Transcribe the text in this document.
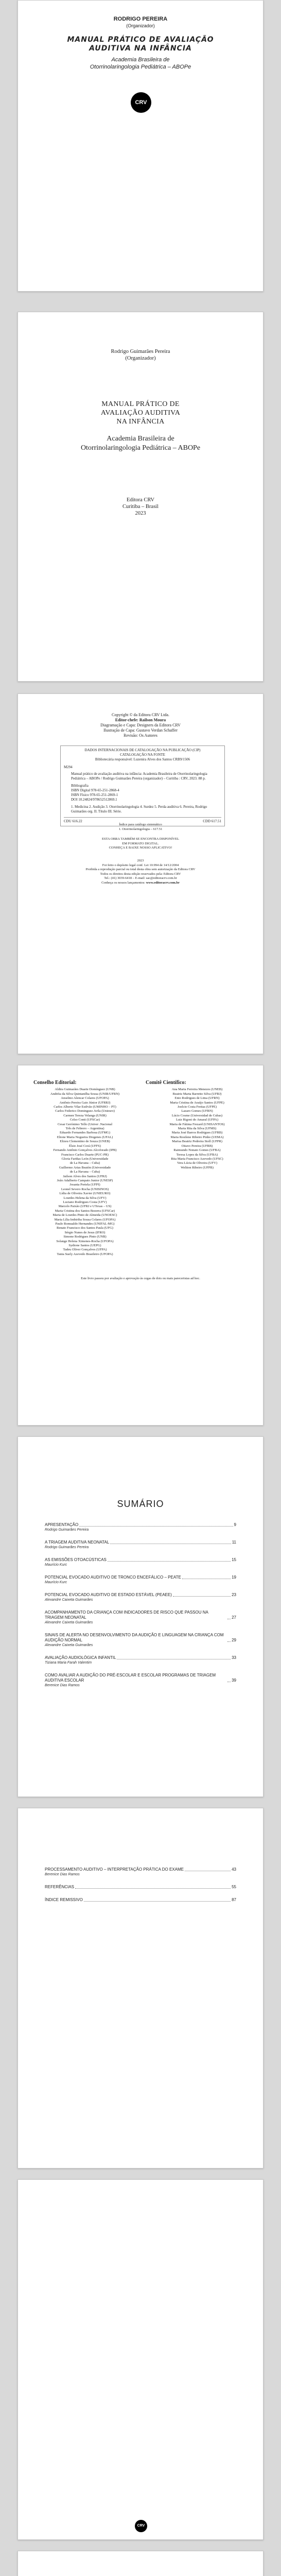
RODRIGO PEREIRA
(Organizador)
MANUAL PRÁTICO DE AVALIAÇÃO
AUDITIVA NA INFÂNCIA
Academia Brasileira de
Otorrinolaringologia Pediátrica – ABOPe
CRV
Rodrigo Guimarães Pereira
(Organizador)
MANUAL PRÁTICO DE
AVALIAÇÃO AUDITIVA
NA INFÂNCIA
Academia Brasileira de
Otorrinolaringologia Pediátrica – ABOPe
Editora CRV
Curitiba – Brasil
2023
Copyright © da Editora CRV Ltda.
Editor-chefe: Railson Moura
Diagramação e Capa: Designers da Editora CRV
Ilustração de Capa: Gustavo Verdan Schaffer
Revisão: Os Autores
DADOS INTERNACIONAIS DE CATALOGAÇÃO NA PUBLICAÇÃO (CIP)
CATALOGAÇÃO NA FONTE
Bibliotecária responsável: Luzenira Alves dos Santos CRB9/1506
M294
Manual prático de avaliação auditiva na infância: Academia Brasileira de Otorrinolaringologia Pediátrica – ABOPe / Rodrigo Guimarães Pereira (organizador) – Curitiba : CRV, 2023. 88 p.
Bibliografia
ISBN Digital 978-65-251-2868-4
ISBN Físico 978-65-251-2869-1
DOI 10.24824/978652512869.1
1. Medicina 2. Audição 3. Otorrinolaringologia 4. Surdez 5. Perda auditiva 6. Pereira, Rodrigo Guimarães org. II. Título III. Série.
CDU 616.22	CDD 617.51
Índice para catálogo sistemático
1. Otorrinolaringologia – 617.51
ESTA OBRA TAMBÉM SE ENCONTRA DISPONÍVEL
EM FORMATO DIGITAL.
CONHEÇA E BAIXE NOSSO APLICATIVO!
2023
Foi feito o depósito legal conf. Lei 10.994 de 14/12/2004
Proibida a reprodução parcial ou total desta obra sem autorização da Editora CRV
Todos os direitos desta edição reservados pela: Editora CRV
Tel.: (41) 3039-6418 – E-mail: sac@editoracrv.com.br
Conheça os nossos lançamentos: www.editoracrv.com.br
Conselho Editorial:
Aldira Guimarães Duarte Domínguez (UNB)
Andréia da Silva Quintanilha Sousa (UNIR/UFRN)
Anselmo Alencar Colares (UFOPA)
Antônio Pereira Gaio Júnior (UFRRJ)
Carlos Alberto Vilar Estêvão (UMINHO – PT)
Carlos Federico Dominguez Avila (Unieuro)
Carmen Tereza Velanga (UNIR)
Celso Conti (UFSCar)
Cesar Gerónimo Tello (Univer .Nacional
Três de Febrero – Argentina)
Eduardo Fernandes Barbosa (UFMG)
Elione Maria Nogueira Diogenes (UFAL)
Elizeu Clementino de Souza (UNEB)
Élsio José Corá (UFFS)
Fernando Antônio Gonçalves Alcoforado (IPB)
Francisco Carlos Duarte (PUC-PR)
Gloria Fariñas León (Universidade
de La Havana – Cuba)
Guillermo Arias Beatón (Universidade
de La Havana – Cuba)
Jailson Alves dos Santos (UFRJ)
João Adalberto Campato Junior (UNESP)
Josania Portela (UFPI)
Leonel Severo Rocha (UNISINOS)
Lídia de Oliveira Xavier (UNIEURO)
Lourdes Helena da Silva (UFV)
Luciano Rodrigues Costa (UFV)
Marcelo Paixão (UFRJ e UTexas – US)
Maria Cristina dos Santos Bezerra (UFSCar)
Maria de Lourdes Pinto de Almeida (UNOESC)
Maria Lília Imbiriba Sousa Colares (UFOPA)
Paulo Romualdo Hernandes (UNIFAL-MG)
Renato Francisco dos Santos Paula (UFG)
Sérgio Nunes de Jesus (IFRO)
Simone Rodrigues Pinto (UNB)
Solange Helena Ximenes-Rocha (UFOPA)
Sydione Santos (UEPG)
Tadeu Oliver Gonçalves (UFPA)
Tania Suely Azevedo Brasileiro (UFOPA)
Comitê Científico:
Ana Maria Ferreira Menezes (UNEB)
Beatriz Marta Barretto Silva (UFRJ)
Enio Rodrigues de Lima (UFRN)
Maria Cristina de Araújo Santos (UFPE)
Joelcio Costa Freitas (UFPE)
Lazaro Gomes (UFRN)
Lúcio Cosme (Universidad de Cubas)
Luiz Rigoni do Amaral (UFPA)
Maria de Fátima Frezard (UNISANTOS)
Maria Rita da Silva (UFMS)
Maria José Barros Rodrigues (UFRB)
Maria Rosilene Ribeiro Pinho (UEMA)
Marisa Beatriz Pedreira Stoll (UFPR)
Oitavo Pereira (UFRB)
Raimundo Nonato Gomes (UFBA)
Teresa Lopes da Silva (UFBA)
Rita Maria Francisco Azevedo (UFSC)
Vera Lúcia de Oliveira (UFV)
Weliton Ribeiro (UFPB)
Este livro passou por avaliação e aprovação às cegas de dois ou mais pareceristas ad hoc.
SUMÁRIO
APRESENTAÇÃO	9
Rodrigo Guimarães Pereira
A TRIAGEM AUDITIVA NEONATAL	11
Rodrigo Guimarães Pereira
AS EMISSÕES OTOACÚSTICAS	15
Maurício Kurc
POTENCIAL EVOCADO AUDITIVO DE TRONCO ENCEFÁLICO – PEATE	19
Maurício Kurc
POTENCIAL EVOCADO AUDITIVO DE ESTADO ESTÁVEL (PEAEE)	23
Alexandre Caixeta Guimarães
ACOMPANHAMENTO DA CRIANÇA COM INDICADORES DE RISCO QUE PASSOU NA TRIAGEM NEONATAL	27
Alexandre Caixeta Guimarães
SINAIS DE ALERTA NO DESENVOLVIMENTO DA AUDIÇÃO E LINGUAGEM NA CRIANÇA COM AUDIÇÃO NORMAL	29
Alexandre Caixeta Guimarães
AVALIAÇÃO AUDIOLÓGICA INFANTIL	33
Tiziana Maria Farah Valentim
COMO AVALIAR A AUDIÇÃO DO PRÉ-ESCOLAR E ESCOLAR PROGRAMAS DE TRIAGEM AUDITIVA ESCOLAR	39
Berenice Dias Ramos
PROCESSAMENTO AUDITIVO – INTERPRETAÇÃO PRÁTICA DO EXAME	43
Berenice Dias Ramos
REFERÊNCIAS	55
ÍNDICE REMISSIVO	87
CRV
